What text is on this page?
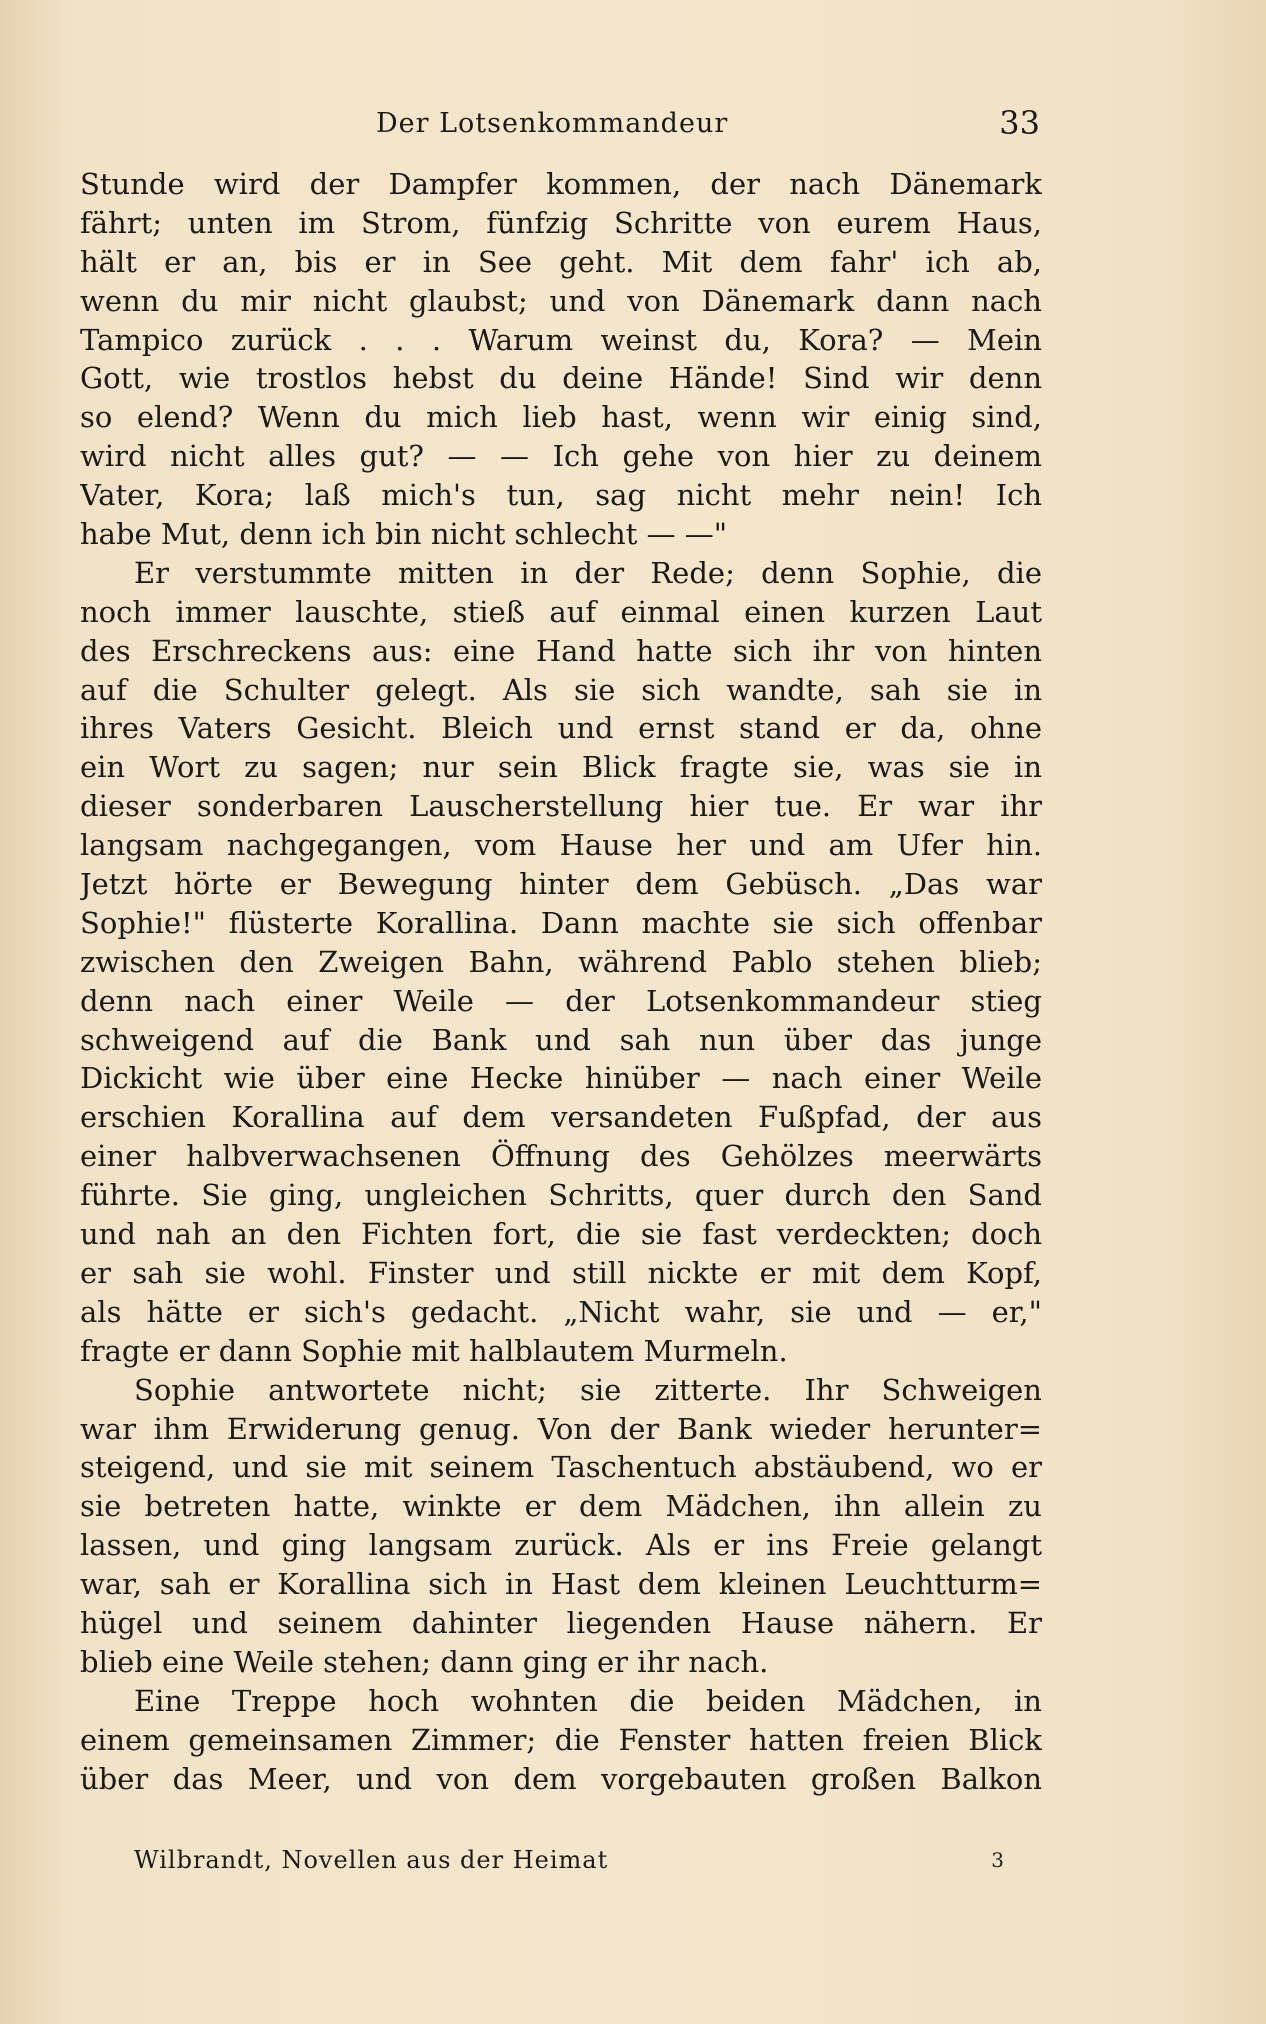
Der Lotsenkommandeur	33
Stunde wird der Dampfer kommen, der nach Dänemark
fährt; unten im Strom, fünfzig Schritte von eurem Haus,
hält er an, bis er in See geht. Mit dem fahr' ich ab,
wenn du mir nicht glaubst; und von Dänemark dann nach
Tampico zurück . . . Warum weinst du, Kora? — Mein
Gott, wie trostlos hebst du deine Hände! Sind wir denn
so elend? Wenn du mich lieb hast, wenn wir einig sind,
wird nicht alles gut? — — Ich gehe von hier zu deinem
Vater, Kora; laß mich's tun, sag nicht mehr nein! Ich
habe Mut, denn ich bin nicht schlecht — —"
Er verstummte mitten in der Rede; denn Sophie, die
noch immer lauschte, stieß auf einmal einen kurzen Laut
des Erschreckens aus: eine Hand hatte sich ihr von hinten
auf die Schulter gelegt. Als sie sich wandte, sah sie in
ihres Vaters Gesicht. Bleich und ernst stand er da, ohne
ein Wort zu sagen; nur sein Blick fragte sie, was sie in
dieser sonderbaren Lauscherstellung hier tue. Er war ihr
langsam nachgegangen, vom Hause her und am Ufer hin.
Jetzt hörte er Bewegung hinter dem Gebüsch. „Das war
Sophie!" flüsterte Korallina. Dann machte sie sich offenbar
zwischen den Zweigen Bahn, während Pablo stehen blieb;
denn nach einer Weile — der Lotsenkommandeur stieg
schweigend auf die Bank und sah nun über das junge
Dickicht wie über eine Hecke hinüber — nach einer Weile
erschien Korallina auf dem versandeten Fußpfad, der aus
einer halbverwachsenen Öffnung des Gehölzes meerwärts
führte. Sie ging, ungleichen Schritts, quer durch den Sand
und nah an den Fichten fort, die sie fast verdeckten; doch
er sah sie wohl. Finster und still nickte er mit dem Kopf,
als hätte er sich's gedacht. „Nicht wahr, sie und — er,"
fragte er dann Sophie mit halblautem Murmeln.
Sophie antwortete nicht; sie zitterte. Ihr Schweigen
war ihm Erwiderung genug. Von der Bank wieder herunter=
steigend, und sie mit seinem Taschentuch abstäubend, wo er
sie betreten hatte, winkte er dem Mädchen, ihn allein zu
lassen, und ging langsam zurück. Als er ins Freie gelangt
war, sah er Korallina sich in Hast dem kleinen Leuchtturm=
hügel und seinem dahinter liegenden Hause nähern. Er
blieb eine Weile stehen; dann ging er ihr nach.
Eine Treppe hoch wohnten die beiden Mädchen, in
einem gemeinsamen Zimmer; die Fenster hatten freien Blick
über das Meer, und von dem vorgebauten großen Balkon
Wilbrandt, Novellen aus der Heimat	3
